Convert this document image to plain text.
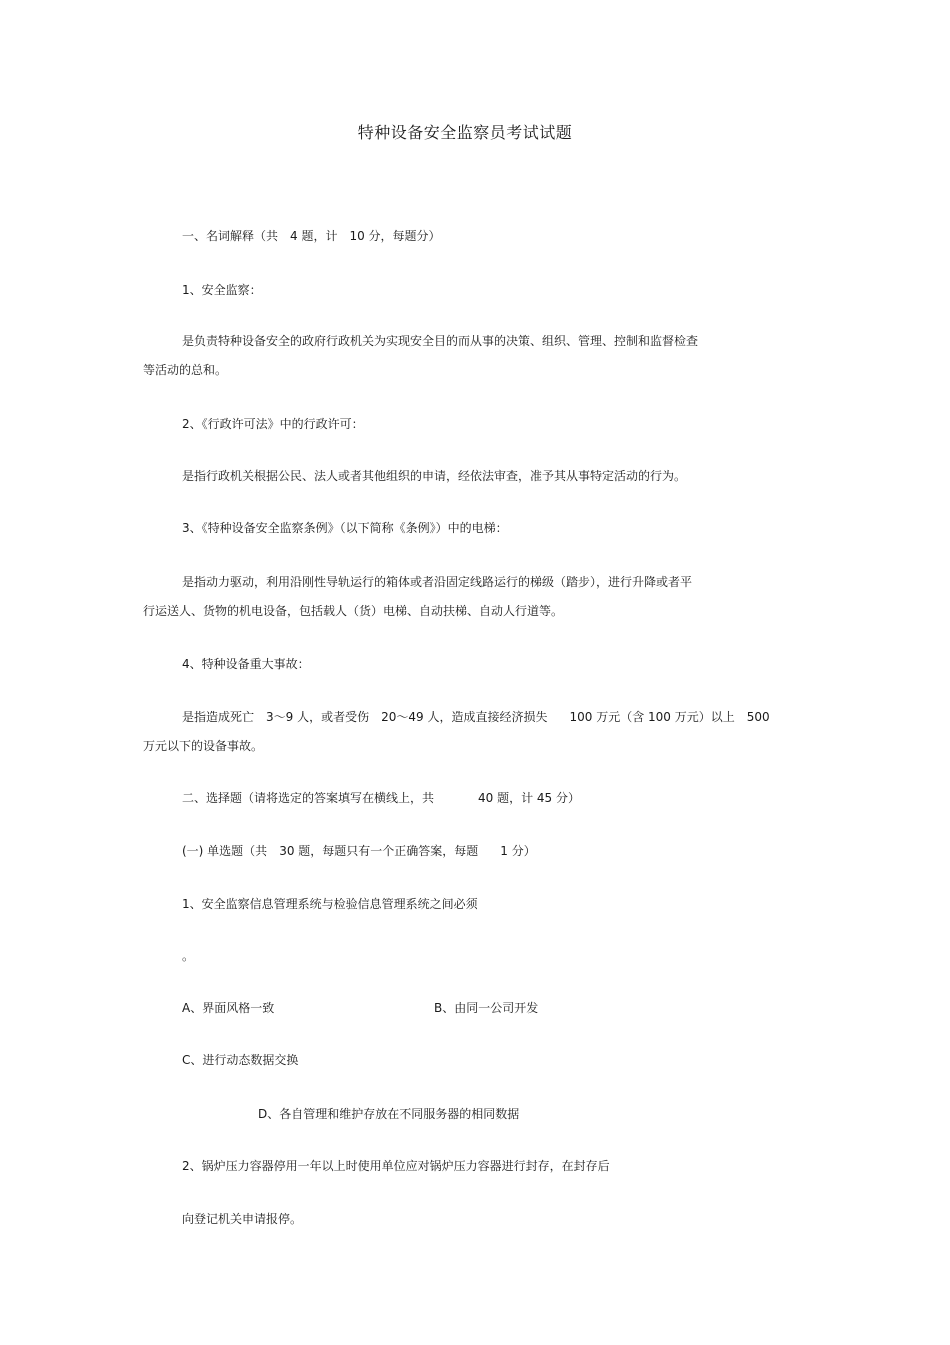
特种设备安全监察员考试试题
一、名词解释（共　4 题，计　10 分，每题分）
1、安全监察：
是负责特种设备安全的政府行政机关为实现安全目的而从事的决策、组织、管理、控制和监督检查
等活动的总和。
2、《行政许可法》中的行政许可：
是指行政机关根据公民、法人或者其他组织的申请，经依法审查，准予其从事特定活动的行为。
3、《特种设备安全监察条例》（以下简称《条例》）中的电梯：
是指动力驱动，利用沿刚性导轨运行的箱体或者沿固定线路运行的梯级（踏步），进行升降或者平
行运送人、货物的机电设备，包括载人（货）电梯、自动扶梯、自动人行道等。
4、特种设备重大事故：
是指造成死亡 3～9 人，或者受伤 20～49 人，造成直接经济损失 100 万元（含 100 万元）以上 500
万元以下的设备事故。
二、选择题（请将选定的答案填写在横线上，共	40 题，计 45 分）
(一) 单选题（共 30 题，每题只有一个正确答案，每题 1 分）
1、安全监察信息管理系统与检验信息管理系统之间必须
。
A、界面风格一致	B、由同一公司开发
C、进行动态数据交换
D、各自管理和维护存放在不同服务器的相同数据
2、锅炉压力容器停用一年以上时使用单位应对锅炉压力容器进行封存，在封存后
向登记机关申请报停。
